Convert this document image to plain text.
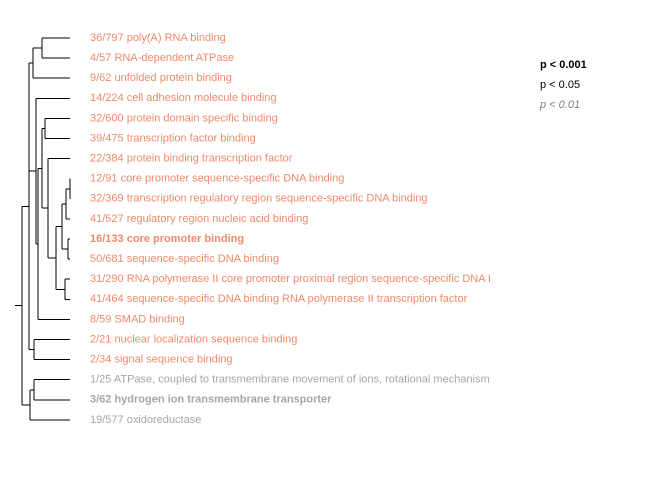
36/797 poly(A) RNA binding
4/57 RNA-dependent ATPase
9/62 unfolded protein binding
14/224 cell adhesion molecule binding
32/600 protein domain specific binding
39/475 transcription factor binding
22/384 protein binding transcription factor
12/91 core promoter sequence-specific DNA binding
32/369 transcription regulatory region sequence-specific DNA binding
41/527 regulatory region nucleic acid binding
16/133 core promoter binding
50/681 sequence-specific DNA binding
31/290 RNA polymerase II core promoter proximal region sequence-specific DNA I
41/464 sequence-specific DNA binding RNA polymerase II transcription factor
8/59 SMAD binding
2/21 nuclear localization sequence binding
2/34 signal sequence binding
1/25 ATPase, coupled to transmembrane movement of ions, rotational mechanism
3/62 hydrogen ion transmembrane transporter
19/577 oxidoreductase
p < 0.001
p < 0.05
p < 0.01
